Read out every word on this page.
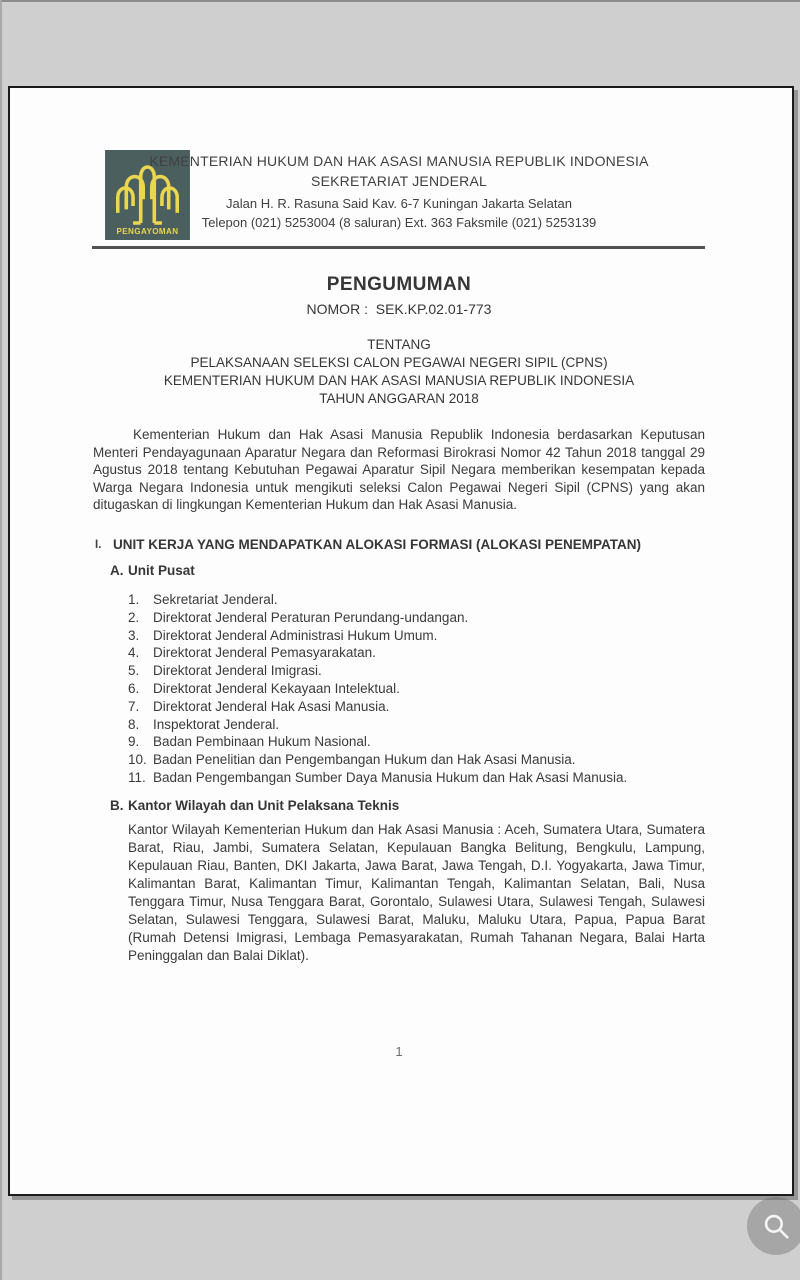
PENGAYOMAN
KEMENTERIAN HUKUM DAN HAK ASASI MANUSIA REPUBLIK INDONESIA
SEKRETARIAT JENDERAL
Jalan H. R. Rasuna Said Kav. 6-7 Kuningan Jakarta Selatan
Telepon (021) 5253004 (8 saluran) Ext. 363 Faksmile (021) 5253139
PENGUMUMAN
NOMOR :  SEK.KP.02.01-773
TENTANG
PELAKSANAAN SELEKSI CALON PEGAWAI NEGERI SIPIL (CPNS)
KEMENTERIAN HUKUM DAN HAK ASASI MANUSIA REPUBLIK INDONESIA
TAHUN ANGGARAN 2018
Kementerian Hukum dan Hak Asasi Manusia Republik Indonesia berdasarkan Keputusan Menteri Pendayagunaan Aparatur Negara dan Reformasi Birokrasi Nomor 42 Tahun 2018 tanggal 29 Agustus 2018 tentang Kebutuhan Pegawai Aparatur Sipil Negara memberikan kesempatan kepada Warga Negara Indonesia untuk mengikuti seleksi Calon Pegawai Negeri Sipil (CPNS) yang akan ditugaskan di lingkungan Kementerian Hukum dan Hak Asasi Manusia.
I. UNIT KERJA YANG MENDAPATKAN ALOKASI FORMASI (ALOKASI PENEMPATAN)
A. Unit Pusat
1.	Sekretariat Jenderal.
2.	Direktorat Jenderal Peraturan Perundang-undangan.
3.	Direktorat Jenderal Administrasi Hukum Umum.
4.	Direktorat Jenderal Pemasyarakatan.
5.	Direktorat Jenderal Imigrasi.
6.	Direktorat Jenderal Kekayaan Intelektual.
7.	Direktorat Jenderal Hak Asasi Manusia.
8.	Inspektorat Jenderal.
9.	Badan Pembinaan Hukum Nasional.
10. Badan Penelitian dan Pengembangan Hukum dan Hak Asasi Manusia.
11. Badan Pengembangan Sumber Daya Manusia Hukum dan Hak Asasi Manusia.
B. Kantor Wilayah dan Unit Pelaksana Teknis
Kantor Wilayah Kementerian Hukum dan Hak Asasi Manusia : Aceh, Sumatera Utara, Sumatera Barat, Riau, Jambi, Sumatera Selatan, Kepulauan Bangka Belitung, Bengkulu, Lampung, Kepulauan Riau, Banten, DKI Jakarta, Jawa Barat, Jawa Tengah, D.I. Yogyakarta, Jawa Timur, Kalimantan Barat, Kalimantan Timur, Kalimantan Tengah, Kalimantan Selatan, Bali, Nusa Tenggara Timur, Nusa Tenggara Barat, Gorontalo, Sulawesi Utara, Sulawesi Tengah, Sulawesi Selatan, Sulawesi Tenggara, Sulawesi Barat, Maluku, Maluku Utara, Papua, Papua Barat (Rumah Detensi Imigrasi, Lembaga Pemasyarakatan, Rumah Tahanan Negara, Balai Harta Peninggalan dan Balai Diklat).
1
